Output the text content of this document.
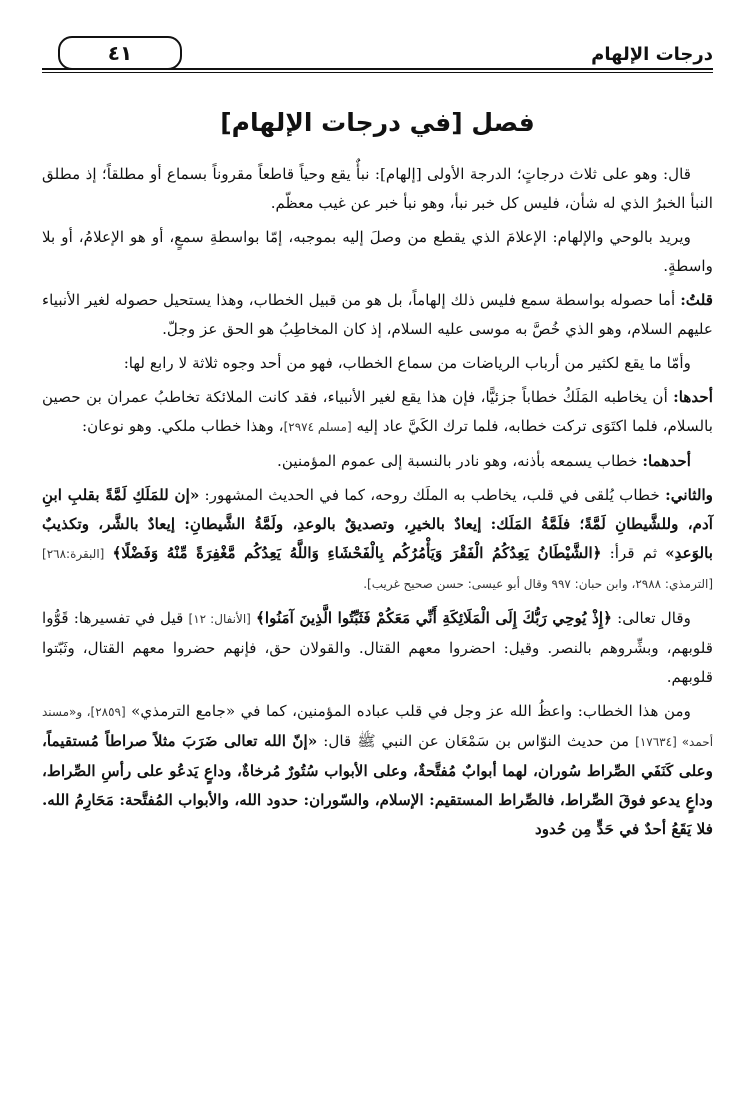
درجات الإلهام
٤١
فصل [في درجات الإلهام]

قال: وهو على ثلاث درجاتٍ؛ الدرجة الأولى [إلهام]: نبأٌ يقع وحياً قاطعاً مقروناً بسماع أو مطلقاً؛ إذ مطلق النبأ الخبرُ الذي له شأن، فليس كل خبر نبأ، وهو نبأ خبر عن غيب معظّم.

ويريد بالوحي والإلهام: الإعلامَ الذي يقطع من وصلَ إليه بموجبه، إمّا بواسطةِ سمعٍ، أو هو الإعلامُ، أو بلا واسطةٍ.

قلتُ: أما حصوله بواسطة سمع فليس ذلك إلهاماً، بل هو من قبيل الخطاب، وهذا يستحيل حصوله لغير الأنبياء عليهم السلام، وهو الذي خُصَّ به موسى عليه السلام، إذ كان المخاطِبُ هو الحق عز وجلّ.

وأمّا ما يقع لكثير من أرباب الرياضات من سماع الخطاب، فهو من أحد وجوه ثلاثة لا رابع لها:

أحدها: أن يخاطبه المَلَكُ خطاباً جزئيًّا، فإن هذا يقع لغير الأنبياء، فقد كانت الملائكة تخاطبُ عمران بن حصين بالسلام، فلما اكتَوَى تركت خطابه، فلما ترك الكَيَّ عاد إليه [مسلم ٢٩٧٤]، وهذا خطاب ملكي. وهو نوعان:

أحدهما: خطاب يسمعه بأذنه، وهو نادر بالنسبة إلى عموم المؤمنين.

والثاني: خطاب يُلقى في قلب، يخاطب به الملَك روحه، كما في الحديث المشهور: «إن للمَلَكِ لَمَّةً بقلبِ ابنِ آدم، وللشَّيطانِ لَمَّةً؛ فلَمَّةُ المَلَك: إيعادٌ بالخيرِ، وتصديقٌ بالوعدِ، ولَمَّةُ الشَّيطانِ: إيعادٌ بالشَّر، وتكذيبٌ بالوَعدِ» ثم قرأ: ﴿الشَّيْطَانُ يَعِدُكُمُ الْفَقْرَ وَيَأْمُرُكُم بِالْفَحْشَاءِ وَاللَّهُ يَعِدُكُم مَّغْفِرَةً مِّنْهُ وَفَضْلًا﴾ [البقرة:٢٦٨] [الترمذي: ٢٩٨٨، وابن حبان: ٩٩٧ وقال أبو عيسى: حسن صحيح غريب].

وقال تعالى: ﴿إِذْ يُوحِي رَبُّكَ إِلَى الْمَلَائِكَةِ أَنِّي مَعَكُمْ فَثَبِّتُوا الَّذِينَ آمَنُوا﴾ [الأنفال: ١٢] قيل في تفسيرها: قَوُّوا قلوبهم، وبشِّروهم بالنصر. وقيل: احضروا معهم القتال. والقولان حق، فإنهم حضروا معهم القتال، وثَبّتوا قلوبهم.

ومن هذا الخطاب: واعظُ الله عز وجل في قلب عباده المؤمنين، كما في «جامع الترمذي» [٢٨٥٩]، و«مسند أحمد» [١٧٦٣٤] من حديث النوّاس بن سَمْعَان عن النبي ﷺ قال: «إنّ الله تعالى ضَرَبَ مثلاً صراطاً مُستقيماً، وعلى كَنَفَي الصِّراط سُوران، لهما أبوابٌ مُفتَّحةٌ، وعلى الأبواب سُتُورٌ مُرخاةٌ، وداعٍ يَدعُو على رأسِ الصِّراط، وداعٍ يدعو فوقَ الصِّراط، فالصِّراط المستقيم: الإسلام، والسّوران: حدود الله، والأبواب المُفتَّحة: مَحَارِمُ الله. فلا يَقَعُ أحدٌ في حَدٍّ مِن حُدود
